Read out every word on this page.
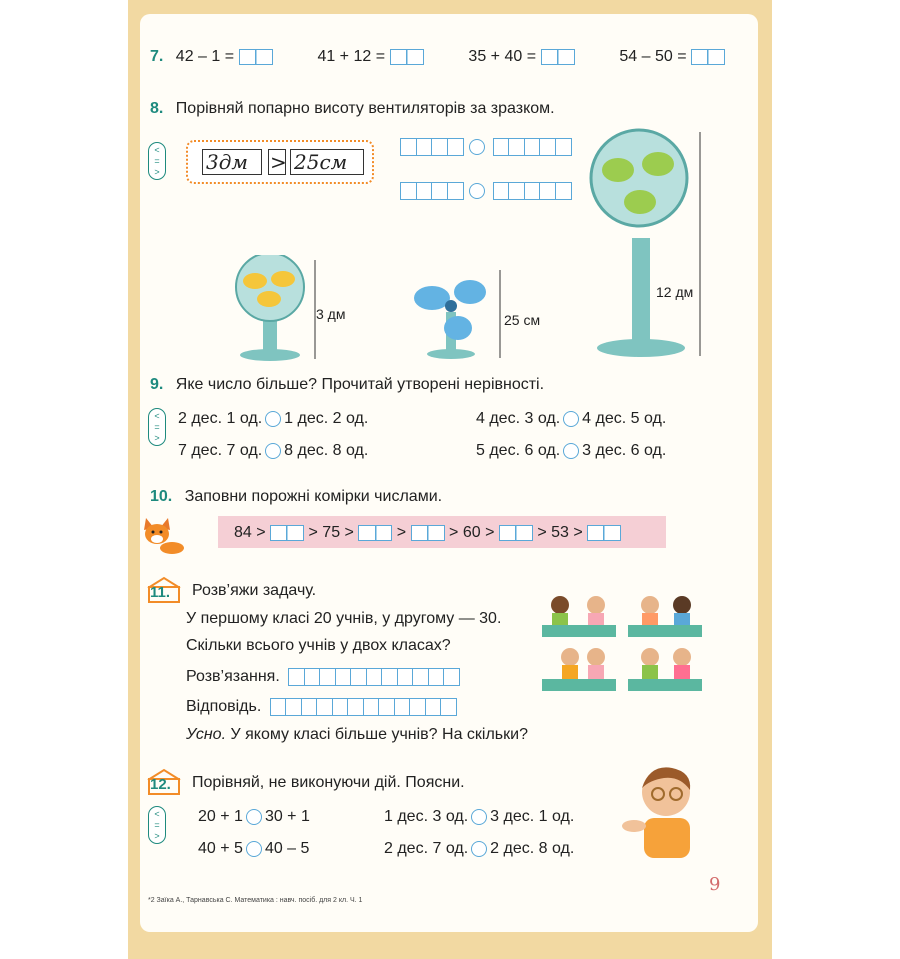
7. 42 – 1 =	41 + 12 =	35 + 40 =	54 – 50 =
8. Порівняй попарно висоту вентиляторів за зразком.
<
=
>	3дм > 25см

3 дм	25 см
12 дм
9. Яке число більше? Прочитай утворені нерівності.
<
=
>
2 дес. 1 од. 1 дес. 2 од.	4 дес. 3 од. 4 дес. 5 од.
7 дес. 7 од. 8 дес. 8 од.	5 дес. 6 од. 3 дес. 6 од.
10. Заповни порожні комірки числами.
84 >	> 75 >	>	> 60 >	> 53 >
11. Розв’яжи задачу.
У першому класі 20 учнів, у другому — 30.
Скільки всього учнів у двох класах?
Розв’язання.
Відповідь.
Усно. У якому класі більше учнів? На скільки?
12. Порівняй, не виконуючи дій. Поясни.
<
=
>
20 + 1 30 + 1	1 дес. 3 од. 3 дес. 1 од.
40 + 5 40 – 5	2 дес. 7 од. 2 дес. 8 од.
*2 Заїка А., Тарнавська С. Математика : навч. посіб. для 2 кл. Ч. 1
9
